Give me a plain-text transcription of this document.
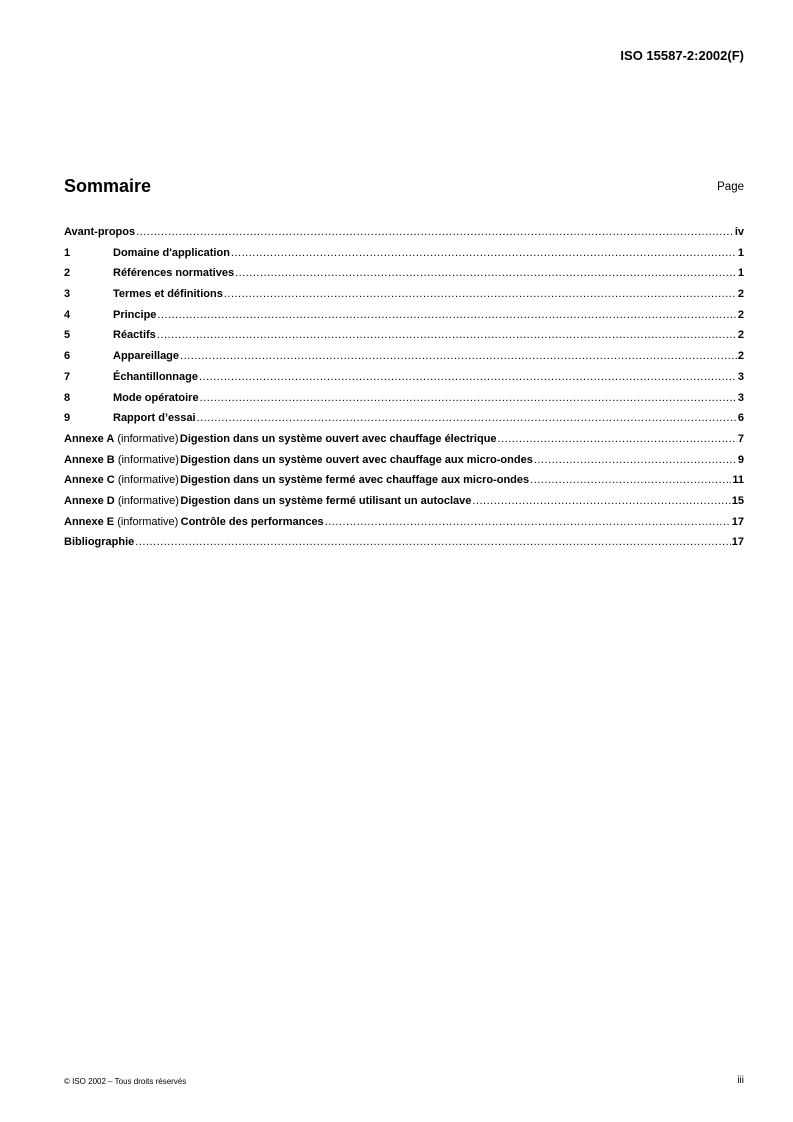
ISO 15587-2:2002(F)
Sommaire	Page
Avant-propos .....	iv
1	Domaine d'application .....	1
2	Références normatives .....	1
3	Termes et définitions .....	2
4	Principe .....	2
5	Réactifs .....	2
6	Appareillage .....	2
7	Échantillonnage .....	3
8	Mode opératoire .....	3
9	Rapport d’essai .....	6
Annexe A (informative) Digestion dans un système ouvert avec chauffage électrique .....	7
Annexe B (informative) Digestion dans un système ouvert avec chauffage aux micro-ondes .....	9
Annexe C (informative) Digestion dans un système fermé avec chauffage aux micro-ondes .....	11
Annexe D (informative) Digestion dans un système fermé utilisant un autoclave .....	15
Annexe E (informative) Contrôle des performances .....	17
Bibliographie .....	17
© ISO 2002 – Tous droits réservés	iii
